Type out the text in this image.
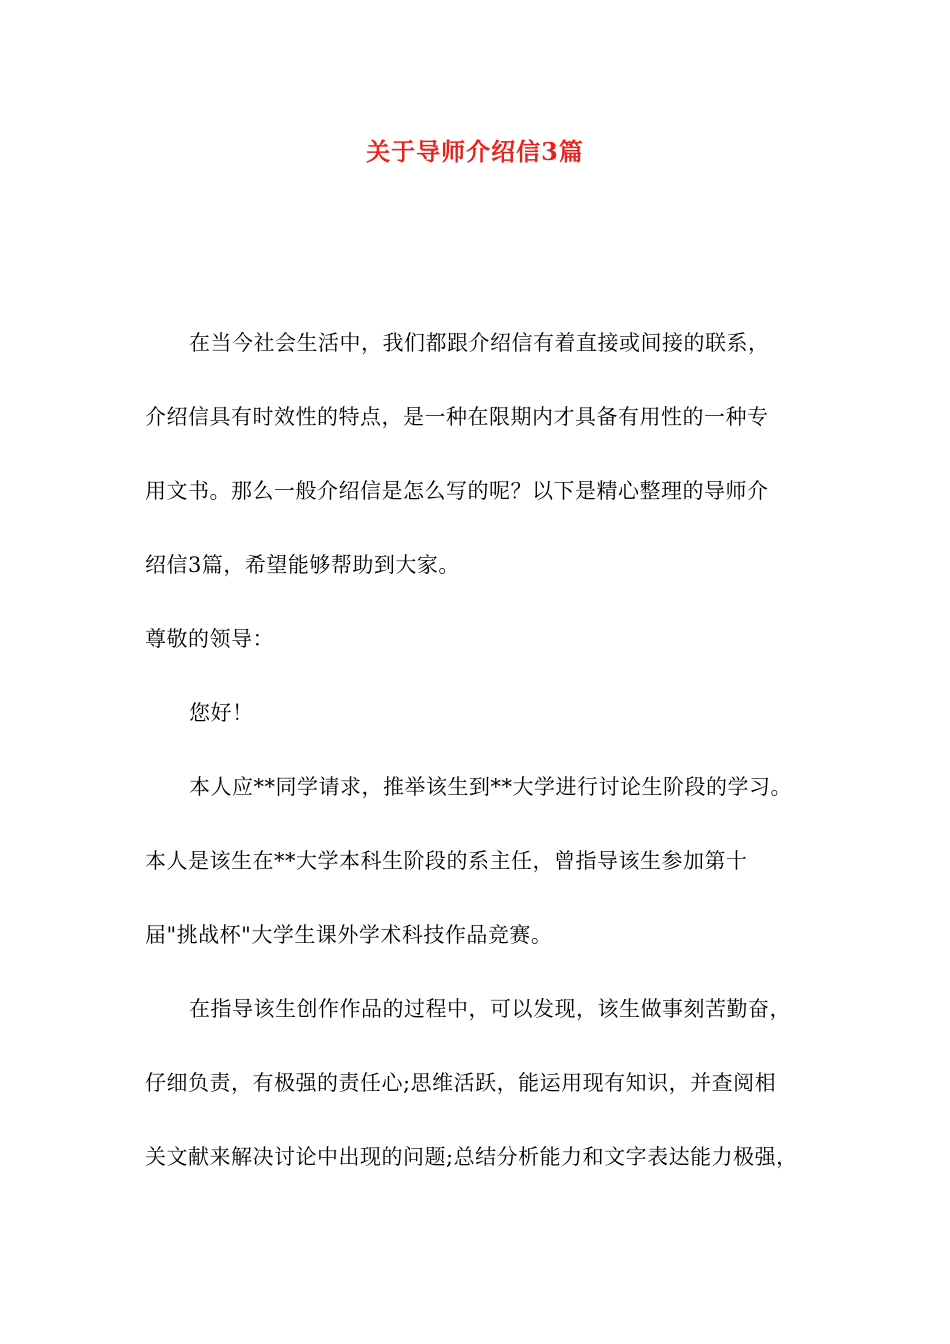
关于导师介绍信3篇
在当今社会生活中，我们都跟介绍信有着直接或间接的联系，
介绍信具有时效性的特点，是一种在限期内才具备有用性的一种专
用文书。那么一般介绍信是怎么写的呢？以下是精心整理的导师介
绍信3篇，希望能够帮助到大家。
尊敬的领导：
您好！
本人应**同学请求，推举该生到**大学进行讨论生阶段的学习。
本人是该生在**大学本科生阶段的系主任，曾指导该生参加第十
届"挑战杯"大学生课外学术科技作品竞赛。
在指导该生创作作品的过程中，可以发现，该生做事刻苦勤奋，
仔细负责，有极强的责任心;思维活跃，能运用现有知识，并查阅相
关文献来解决讨论中出现的问题;总结分析能力和文字表达能力极强，
